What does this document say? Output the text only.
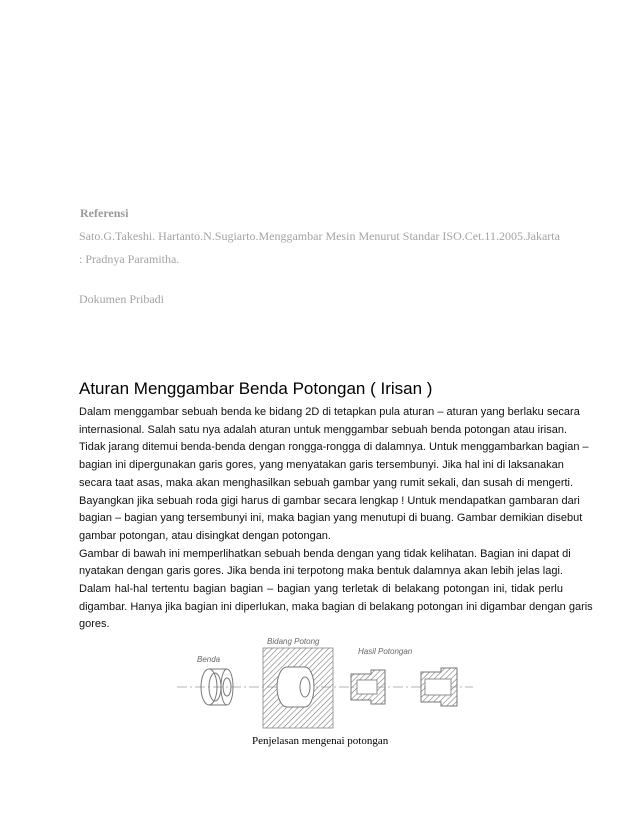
Referensi
Sato.G.Takeshi. Hartanto.N.Sugiarto.Menggambar Mesin Menurut Standar ISO.Cet.11.2005.Jakarta
: Pradnya Paramitha.
Dokumen Pribadi
Aturan Menggambar Benda Potongan ( Irisan )
Dalam menggambar sebuah benda ke bidang 2D di tetapkan pula aturan – aturan yang berlaku secara
internasional. Salah satu nya adalah aturan untuk menggambar sebuah benda potongan atau irisan.
Tidak jarang ditemui benda-benda dengan rongga-rongga di dalamnya. Untuk menggambarkan bagian –
bagian ini dipergunakan garis gores, yang menyatakan garis tersembunyi. Jika hal ini di laksanakan
secara taat asas, maka akan menghasilkan sebuah gambar yang rumit sekali, dan susah di mengerti.
Bayangkan jika sebuah roda gigi harus di gambar secara lengkap ! Untuk mendapatkan gambaran dari
bagian – bagian yang tersembunyi ini, maka bagian yang menutupi di buang. Gambar demikian disebut
gambar potongan, atau disingkat dengan potongan.
Gambar di bawah ini memperlihatkan sebuah benda dengan yang tidak kelihatan. Bagian ini dapat di
nyatakan dengan garis gores. Jika benda ini terpotong maka bentuk dalamnya akan lebih jelas lagi.
Dalam hal-hal tertentu bagian bagian – bagian yang terletak di belakang potongan ini, tidak perlu
digambar. Hanya jika bagian ini diperlukan, maka bagian di belakang potongan ini digambar dengan garis
gores.
Benda
Bidang Potong
Hasil Potongan
Penjelasan mengenai potongan
